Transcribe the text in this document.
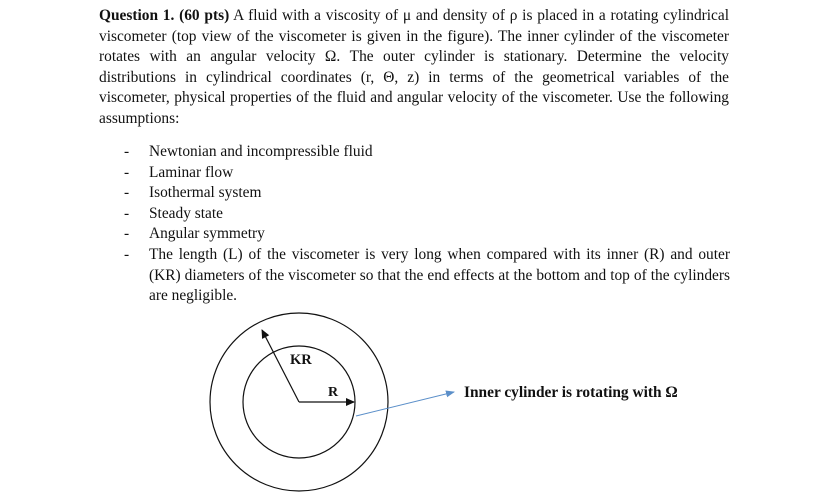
Question 1. (60 pts) A fluid with a viscosity of μ and density of ρ is placed in a rotating cylindrical viscometer (top view of the viscometer is given in the figure). The inner cylinder of the viscometer rotates with an angular velocity Ω. The outer cylinder is stationary. Determine the velocity distributions in cylindrical coordinates (r, Θ, z) in terms of the geometrical variables of the viscometer, physical properties of the fluid and angular velocity of the viscometer. Use the following assumptions:

- Newtonian and incompressible fluid
- Laminar flow
- Isothermal system
- Steady state
- Angular symmetry
- The length (L) of the viscometer is very long when compared with its inner (R) and outer (KR) diameters of the viscometer so that the end effects at the bottom and top of the cylinders are negligible.
KR
R	Inner cylinder is rotating with Ω
